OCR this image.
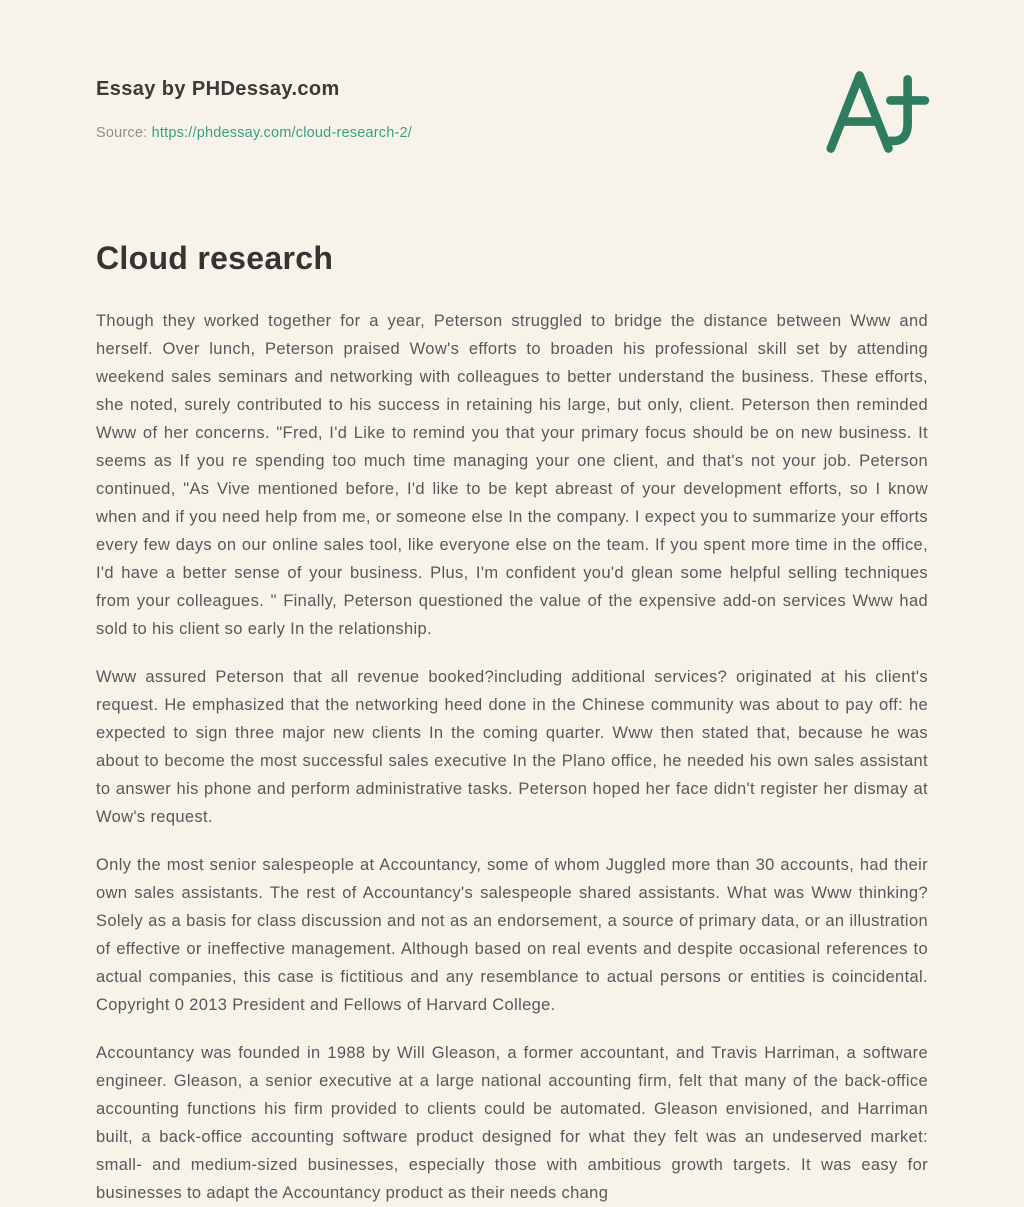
Essay by PHDessay.com

Source: https://phdessay.com/cloud-research-2/

Cloud research

Though they worked together for a year, Peterson struggled to bridge the distance between Www and herself. Over lunch, Peterson praised Wow's efforts to broaden his professional skill set by attending weekend sales seminars and networking with colleagues to better understand the business. These efforts, she noted, surely contributed to his success in retaining his large, but only, client. Peterson then reminded Www of her concerns. "Fred, I'd Like to remind you that your primary focus should be on new business. It seems as If you re spending too much time managing your one client, and that's not your job. Peterson continued, "As Vive mentioned before, I'd like to be kept abreast of your development efforts, so I know when and if you need help from me, or someone else In the company. I expect you to summarize your efforts every few days on our online sales tool, like everyone else on the team. If you spent more time in the office, I'd have a better sense of your business. Plus, I'm confident you'd glean some helpful selling techniques from your colleagues. " Finally, Peterson questioned the value of the expensive add-on services Www had sold to his client so early In the relationship.

Www assured Peterson that all revenue booked?including additional services? originated at his client's request. He emphasized that the networking heed done in the Chinese community was about to pay off: he expected to sign three major new clients In the coming quarter. Www then stated that, because he was about to become the most successful sales executive In the Plano office, he needed his own sales assistant to answer his phone and perform administrative tasks. Peterson hoped her face didn't register her dismay at Wow's request.

Only the most senior salespeople at Accountancy, some of whom Juggled more than 30 accounts, had their own sales assistants. The rest of Accountancy's salespeople shared assistants. What was Www thinking? Solely as a basis for class discussion and not as an endorsement, a source of primary data, or an illustration of effective or ineffective management. Although based on real events and despite occasional references to actual companies, this case is fictitious and any resemblance to actual persons or entities is coincidental. Copyright 0 2013 President and Fellows of Harvard College.

Accountancy was founded in 1988 by Will Gleason, a former accountant, and Travis Harriman, a software engineer. Gleason, a senior executive at a large national accounting firm, felt that many of the back-office accounting functions his firm provided to clients could be automated. Gleason envisioned, and Harriman built, a back-office accounting software product designed for what they felt was an undeserved market: small- and medium-sized businesses, especially those with ambitious growth targets. It was easy for businesses to adapt the Accountancy product as their needs chang
